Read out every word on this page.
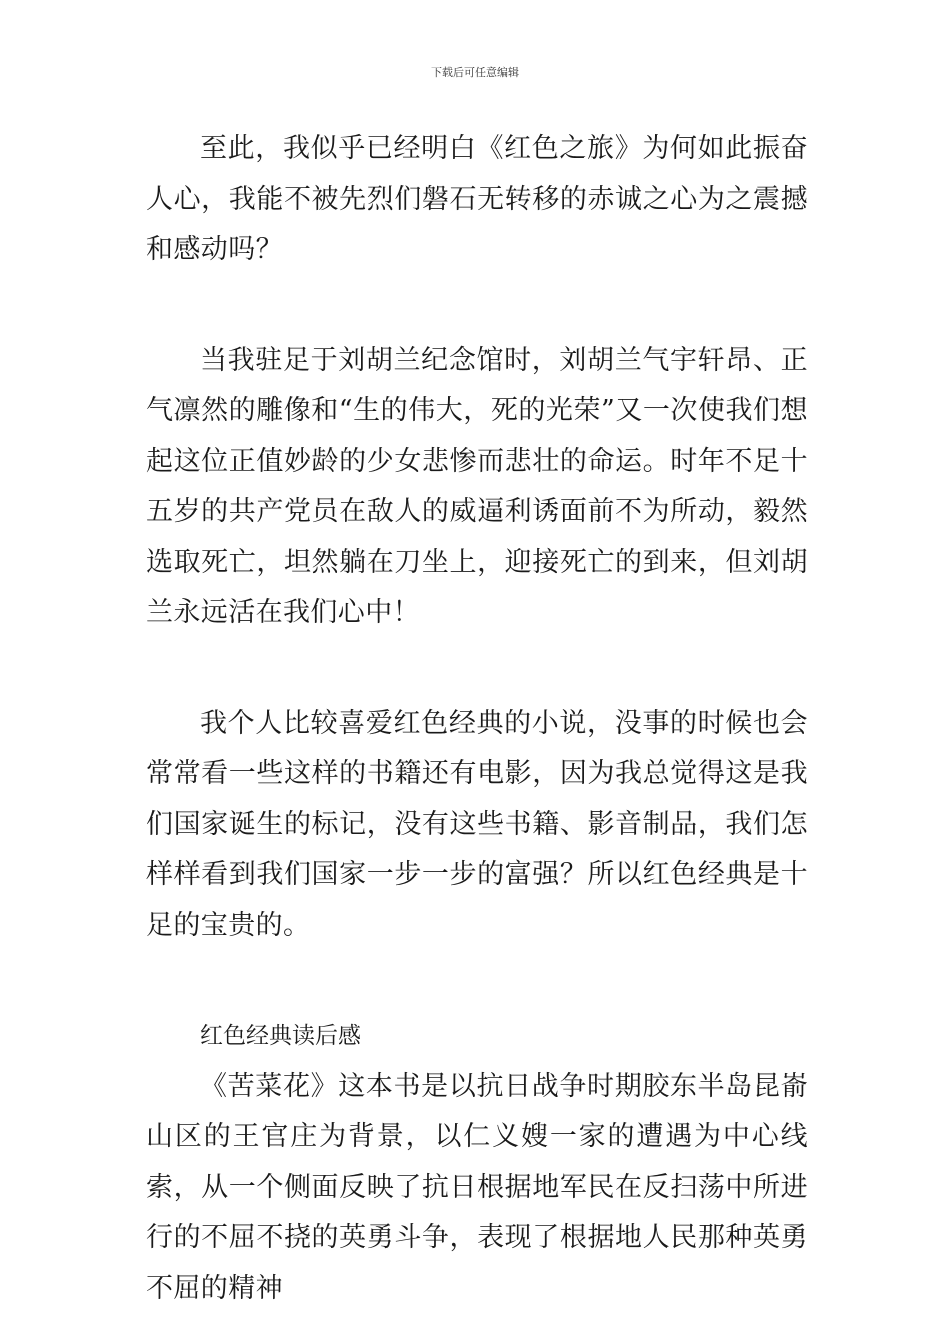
下载后可任意编辑

至此，我似乎已经明白《红色之旅》为何如此振奋人心，我能不被先烈们磐石无转移的赤诚之心为之震撼和感动吗？

当我驻足于刘胡兰纪念馆时，刘胡兰气宇轩昂、正气凛然的雕像和“生的伟大，死的光荣”又一次使我们想起这位正值妙龄的少女悲惨而悲壮的命运。时年不足十五岁的共产党员在敌人的威逼利诱面前不为所动，毅然选取死亡，坦然躺在刀坐上，迎接死亡的到来，但刘胡兰永远活在我们心中！

我个人比较喜爱红色经典的小说，没事的时候也会常常看一些这样的书籍还有电影，因为我总觉得这是我们国家诞生的标记，没有这些书籍、影音制品，我们怎样样看到我们国家一步一步的富强？所以红色经典是十足的宝贵的。

红色经典读后感

《苦菜花》这本书是以抗日战争时期胶东半岛昆嵛山区的王官庄为背景，以仁义嫂一家的遭遇为中心线索，从一个侧面反映了抗日根据地军民在反扫荡中所进行的不屈不挠的英勇斗争，表现了根据地人民那种英勇不屈的精神
